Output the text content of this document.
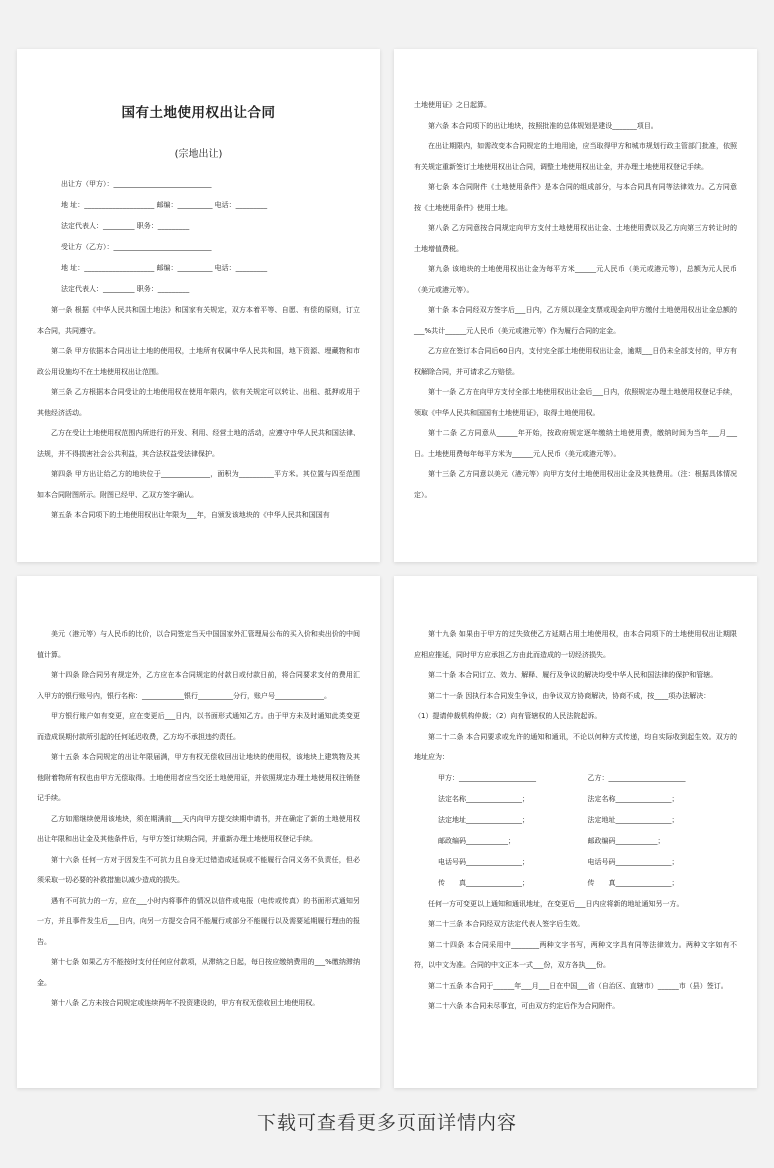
国有土地使用权出让合同
(宗地出让)
出让方（甲方）：____________________________
地 址：____________________ 邮编：__________ 电话：_________
法定代表人：_________ 职务：_________
受让方（乙方）：____________________________
地 址：____________________ 邮编：__________ 电话：_________
法定代表人：_________ 职务：_________

第一条 根据《中华人民共和国土地法》和国家有关规定，双方本着平等、自愿、有偿的原则，订立本合同，共同遵守。

第二条 甲方依据本合同出让土地的使用权，土地所有权属中华人民共和国，地下资源、埋藏物和市政公用设施均不在土地使用权出让范围。

第三条 乙方根据本合同受让的土地使用权在使用年限内，依有关规定可以转让、出租、抵押或用于其他经济活动。

乙方在受让土地使用权范围内所进行的开发、利用、经营土地的活动，应遵守中华人民共和国法律、法规，并不得损害社会公共利益，其合法权益受法律保护。

第四条 甲方出让给乙方的地块位于______________，面积为__________平方米。其位置与四至范围如本合同附图所示。附图已经甲、乙双方签字确认。

第五条 本合同项下的土地使用权出让年限为___年，自颁发该地块的《中华人民共和国国有

土地使用证》之日起算。

第六条 本合同项下的出让地块，按照批准的总体规划是建设_______项目。

在出让期限内，如需改变本合同规定的土地用途，应当取得甲方和城市规划行政主管部门批准，依照有关规定重新签订土地使用权出让合同，调整土地使用权出让金，并办理土地使用权登记手续。

第七条 本合同附件《土地使用条件》是本合同的组成部分，与本合同具有同等法律效力。乙方同意按《土地使用条件》使用土地。

第八条 乙方同意按合同规定向甲方支付土地使用权出让金、土地使用费以及乙方向第三方转让时的土地增值费税。

第九条 该地块的土地使用权出让金为每平方米______元人民币（美元或港元等），总额为元人民币（美元或港元等）。

第十条 本合同经双方签字后___日内，乙方须以现金支票或现金向甲方缴付土地使用权出让金总额的___%共计______元人民币（美元或港元等）作为履行合同的定金。

乙方应在签订本合同后60日内，支付完全部土地使用权出让金，逾期___日仍未全部支付的，甲方有权解除合同，并可请求乙方赔偿。

第十一条 乙方在向甲方支付全部土地使用权出让金后___日内，依照规定办理土地使用权登记手续，领取《中华人民共和国国有土地使用证》，取得土地使用权。

第十二条 乙方同意从______年开始，按政府规定逐年缴纳土地使用费，缴纳时间为当年___月___日。土地使用费每年每平方米为______元人民币（美元或港元等）。

第十三条 乙方同意以美元（港元等）向甲方支付土地使用权出让金及其他费用。（注：根据具体情况定）。

美元（港元等）与人民币的比价，以合同签定当天中国国家外汇管理局公布的买入价和卖出价的中间值计算。

第十四条 除合同另有规定外，乙方应在本合同规定的付款日或付款日前，将合同要求支付的费用汇入甲方的银行账号内，银行名称：____________银行__________分行，账户号______________。

甲方银行账户如有变更，应在变更后___日内，以书面形式通知乙方。由于甲方未及时通知此类变更而造成误期付款所引起的任何延迟收费，乙方均不承担违约责任。

第十五条 本合同规定的出让年限届满，甲方有权无偿收回出让地块的使用权，该地块上建筑物及其他附着物所有权也由甲方无偿取得。土地使用者应当交还土地使用证，并依照规定办理土地使用权注销登记手续。

乙方如需继续使用该地块，须在期满前___天内向甲方提交续期申请书，并在确定了新的土地使用权出让年限和出让金及其他条件后，与甲方签订续期合同，并重新办理土地使用权登记手续。

第十六条 任何一方对于因发生不可抗力且自身无过错造成延误或不能履行合同义务不负责任，但必须采取一切必要的补救措施以减少造成的损失。

遇有不可抗力的一方，应在___小时内将事件的情况以信件或电报（电传或传真）的书面形式通知另一方，并且事件发生后___日内，向另一方提交合同不能履行或部分不能履行以及需要延期履行理由的报告。

第十七条 如果乙方不能按时支付任何应付款项，从滞纳之日起，每日按应缴纳费用的___%缴纳滞纳金。

第十八条 乙方未按合同规定或连续两年不投资建设的，甲方有权无偿收回土地使用权。

第十九条 如果由于甲方的过失致使乙方延期占用土地使用权，由本合同项下的土地使用权出让期限应相应推延，同时甲方应承担乙方由此而造成的一切经济损失。

第二十条 本合同订立、效力、解释、履行及争议的解决均受中华人民和国法律的保护和管辖。

第二十一条 因执行本合同发生争议，由争议双方协商解决，协商不成，按____项办法解决：

（1）提请仲裁机构仲裁；（2）向有管辖权的人民法院起诉。

第二十二条 本合同要求或允许的通知和通讯，不论以何种方式传递，均自实际收到起生效。双方的地址应为：

甲方：______________________	乙方：______________________
法定名称________________；	法定名称________________；
法定地址________________；	法定地址________________；
邮政编码____________；	邮政编码____________；
电话号码________________；	电话号码________________；
传　　真________________；	传　　真________________；

任何一方可变更以上通知和通讯地址，在变更后___日内应将新的地址通知另一方。

第二十三条 本合同经双方法定代表人签字后生效。

第二十四条 本合同采用中________两种文字书写，两种文字具有同等法律效力。两种文字如有不符，以中文为准。合同的中文正本一式___份，双方各执___份。

第二十五条 本合同于______年___月___日在中国___省（自治区、直辖市）______市（县）签订。

第二十六条 本合同未尽事宜，可由双方约定后作为合同附件。

下载可查看更多页面详情内容
